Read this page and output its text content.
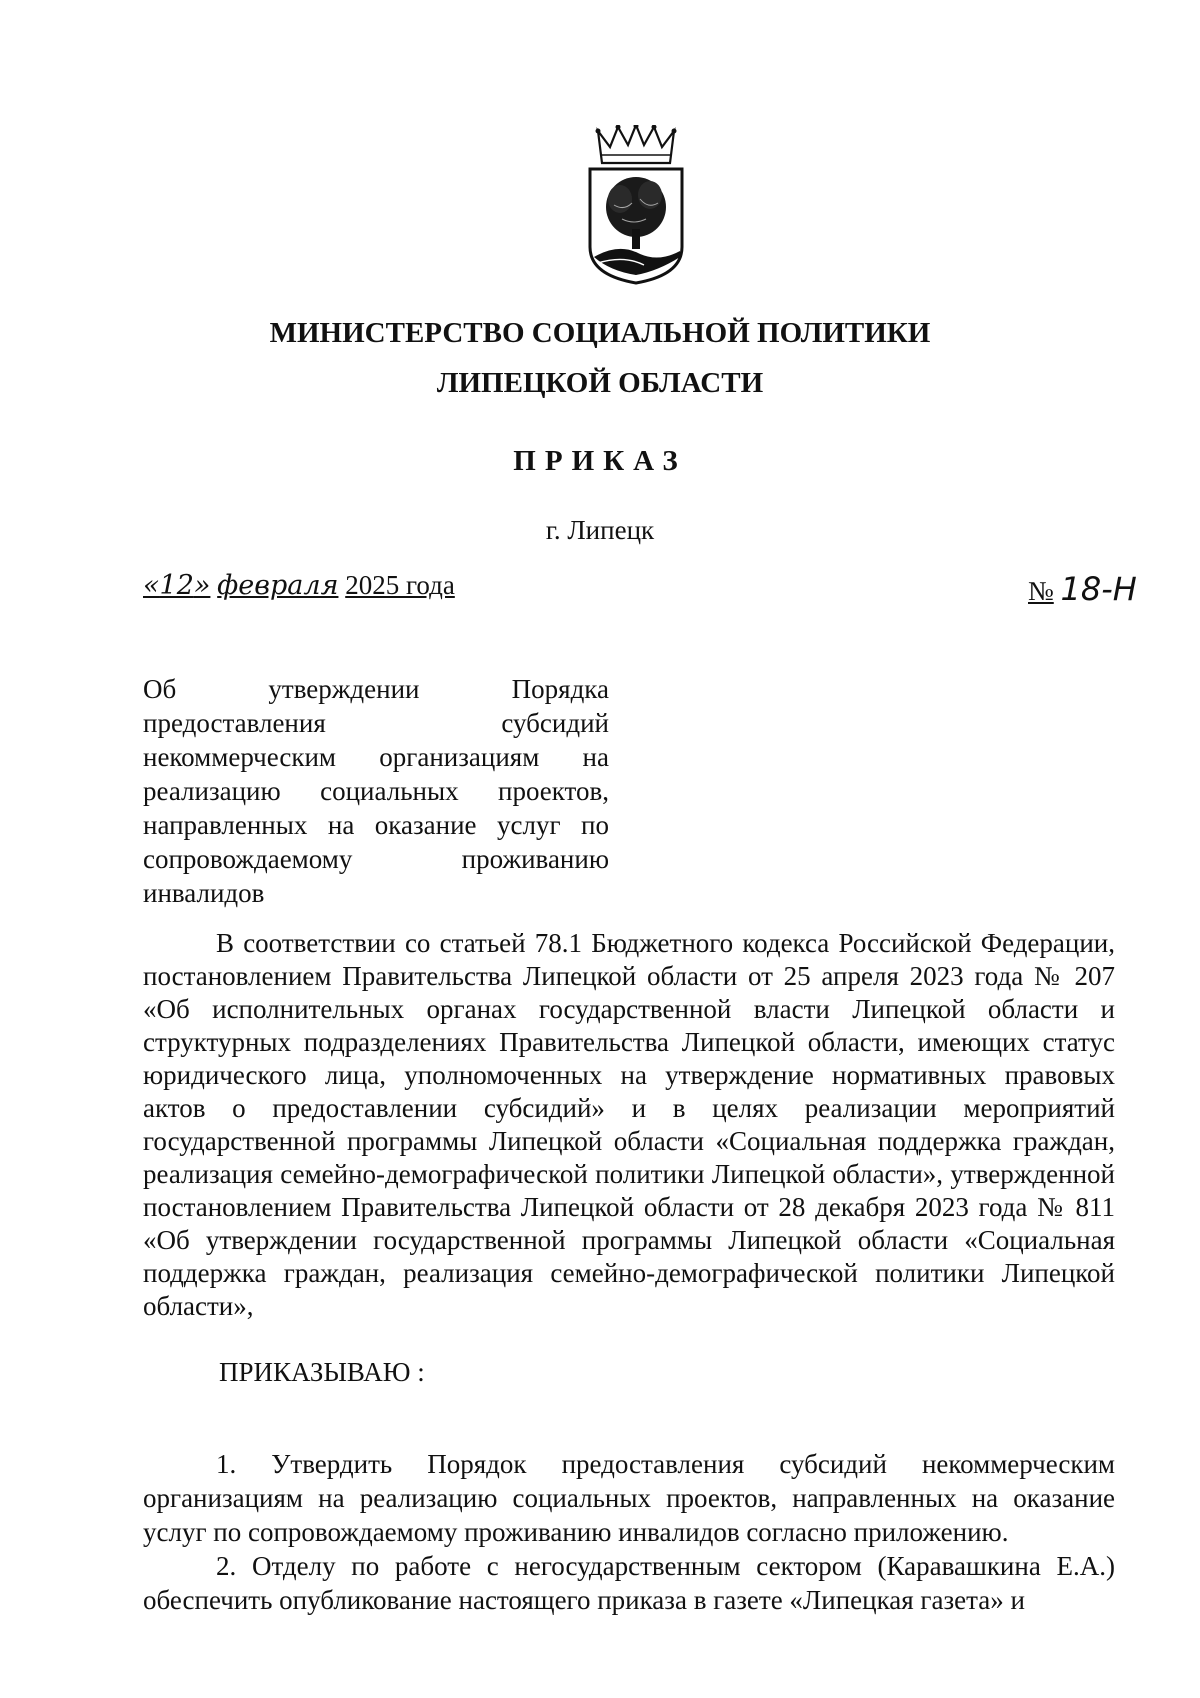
МИНИСТЕРСТВО СОЦИАЛЬНОЙ ПОЛИТИКИ
ЛИПЕЦКОЙ ОБЛАСТИ
ПРИКАЗ
г. Липецк
«12» февраля 2025 года	№ 18-Н
Об утверждении Порядка
предоставления субсидий
некоммерческим организациям на
реализацию социальных проектов,
направленных на оказание услуг по
сопровождаемому проживанию
инвалидов

В соответствии со статьей 78.1 Бюджетного кодекса Российской Федерации, постановлением Правительства Липецкой области от 25 апреля 2023 года № 207 «Об исполнительных органах государственной власти Липецкой области и структурных подразделениях Правительства Липецкой области, имеющих статус юридического лица, уполномоченных на утверждение нормативных правовых актов о предоставлении субсидий» и в целях реализации мероприятий государственной программы Липецкой области «Социальная поддержка граждан, реализация семейно-демографической политики Липецкой области», утвержденной постановлением Правительства Липецкой области от 28 декабря 2023 года № 811 «Об утверждении государственной программы Липецкой области «Социальная поддержка граждан, реализация семейно-демографической политики Липецкой области»,

ПРИКАЗЫВАЮ :

1. Утвердить Порядок предоставления субсидий некоммерческим организациям на реализацию социальных проектов, направленных на оказание услуг по сопровождаемому проживанию инвалидов согласно приложению.

2. Отделу по работе с негосударственным сектором (Каравашкина Е.А.) обеспечить опубликование настоящего приказа в газете «Липецкая газета» и
